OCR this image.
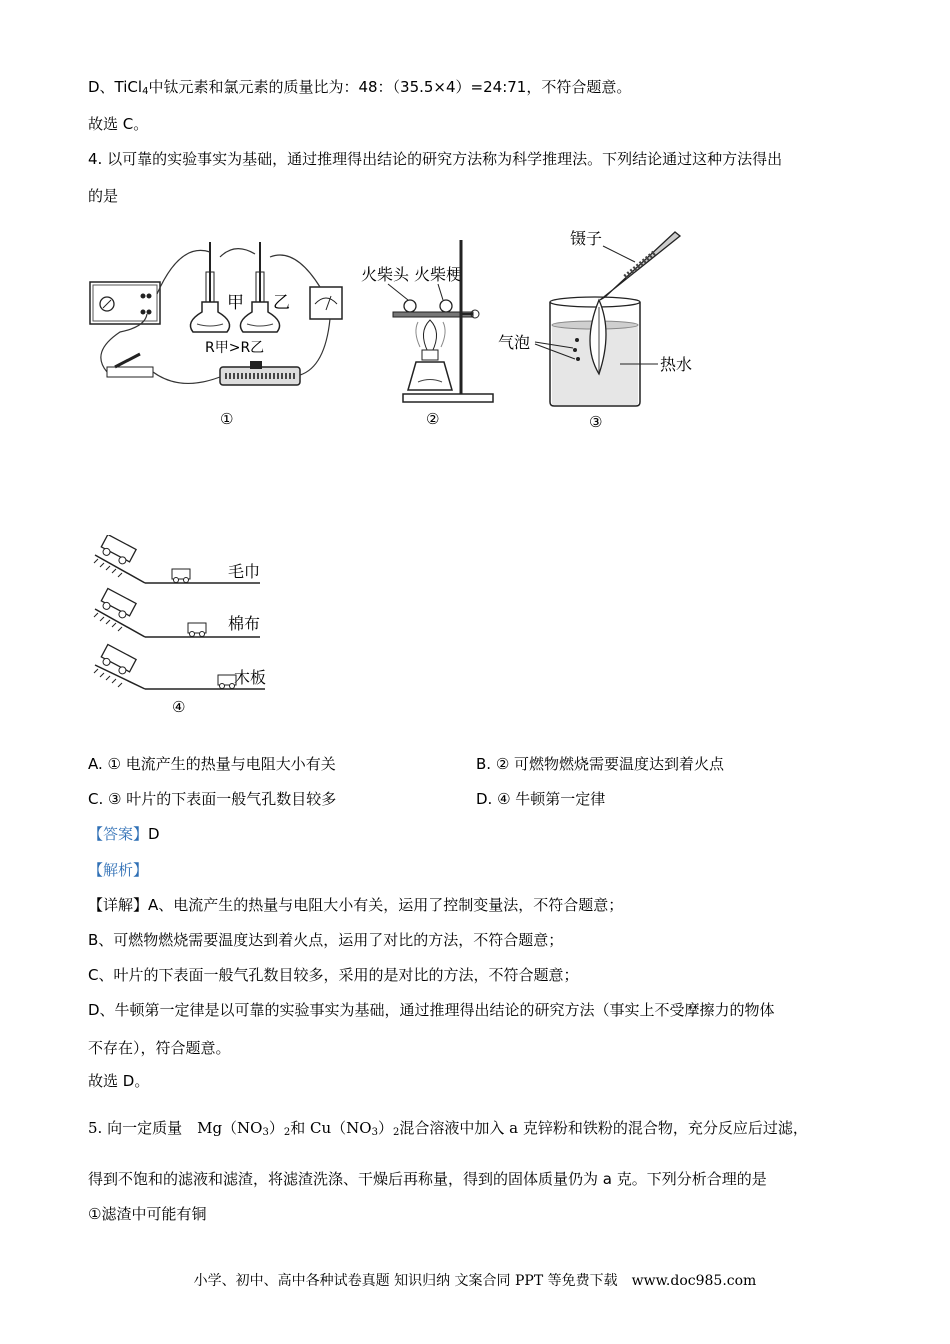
D、TiCl$_4$中钛元素和氯元素的质量比为：48：（35.5×4）=24:71，不符合题意。
故选 C。
4. 以可靠的实验事实为基础，通过推理得出结论的研究方法称为科学推理法。下列结论通过这种方法得出
的是
甲 乙
R甲>R乙
①
火柴头 火柴梗
②
镊子
气泡
热水
③
毛巾
棉布
木板
④
A. ① 电流产生的热量与电阻大小有关	B. ② 可燃物燃烧需要温度达到着火点
C. ③ 叶片的下表面一般气孔数目较多	D. ④ 牛顿第一定律
【答案】D
【解析】
【详解】A、电流产生的热量与电阻大小有关，运用了控制变量法，不符合题意；
B、可燃物燃烧需要温度达到着火点，运用了对比的方法，不符合题意；
C、叶片的下表面一般气孔数目较多，采用的是对比的方法，不符合题意；
D、牛顿第一定律是以可靠的实验事实为基础，通过推理得出结论的研究方法（事实上不受摩擦力的物体
不存在），符合题意。
故选 D。
5. 向一定质量　$Mg(NO_3)_2$和 $Cu(NO_3)_2$混合溶液中加入 a 克锌粉和铁粉的混合物，充分反应后过滤，
得到不饱和的滤液和滤渣，将滤渣洗涤、干燥后再称量，得到的固体质量仍为 a 克。下列分析合理的是
①滤渣中可能有铜
小学、初中、高中各种试卷真题 知识归纳 文案合同 PPT 等免费下载　www.doc985.com
